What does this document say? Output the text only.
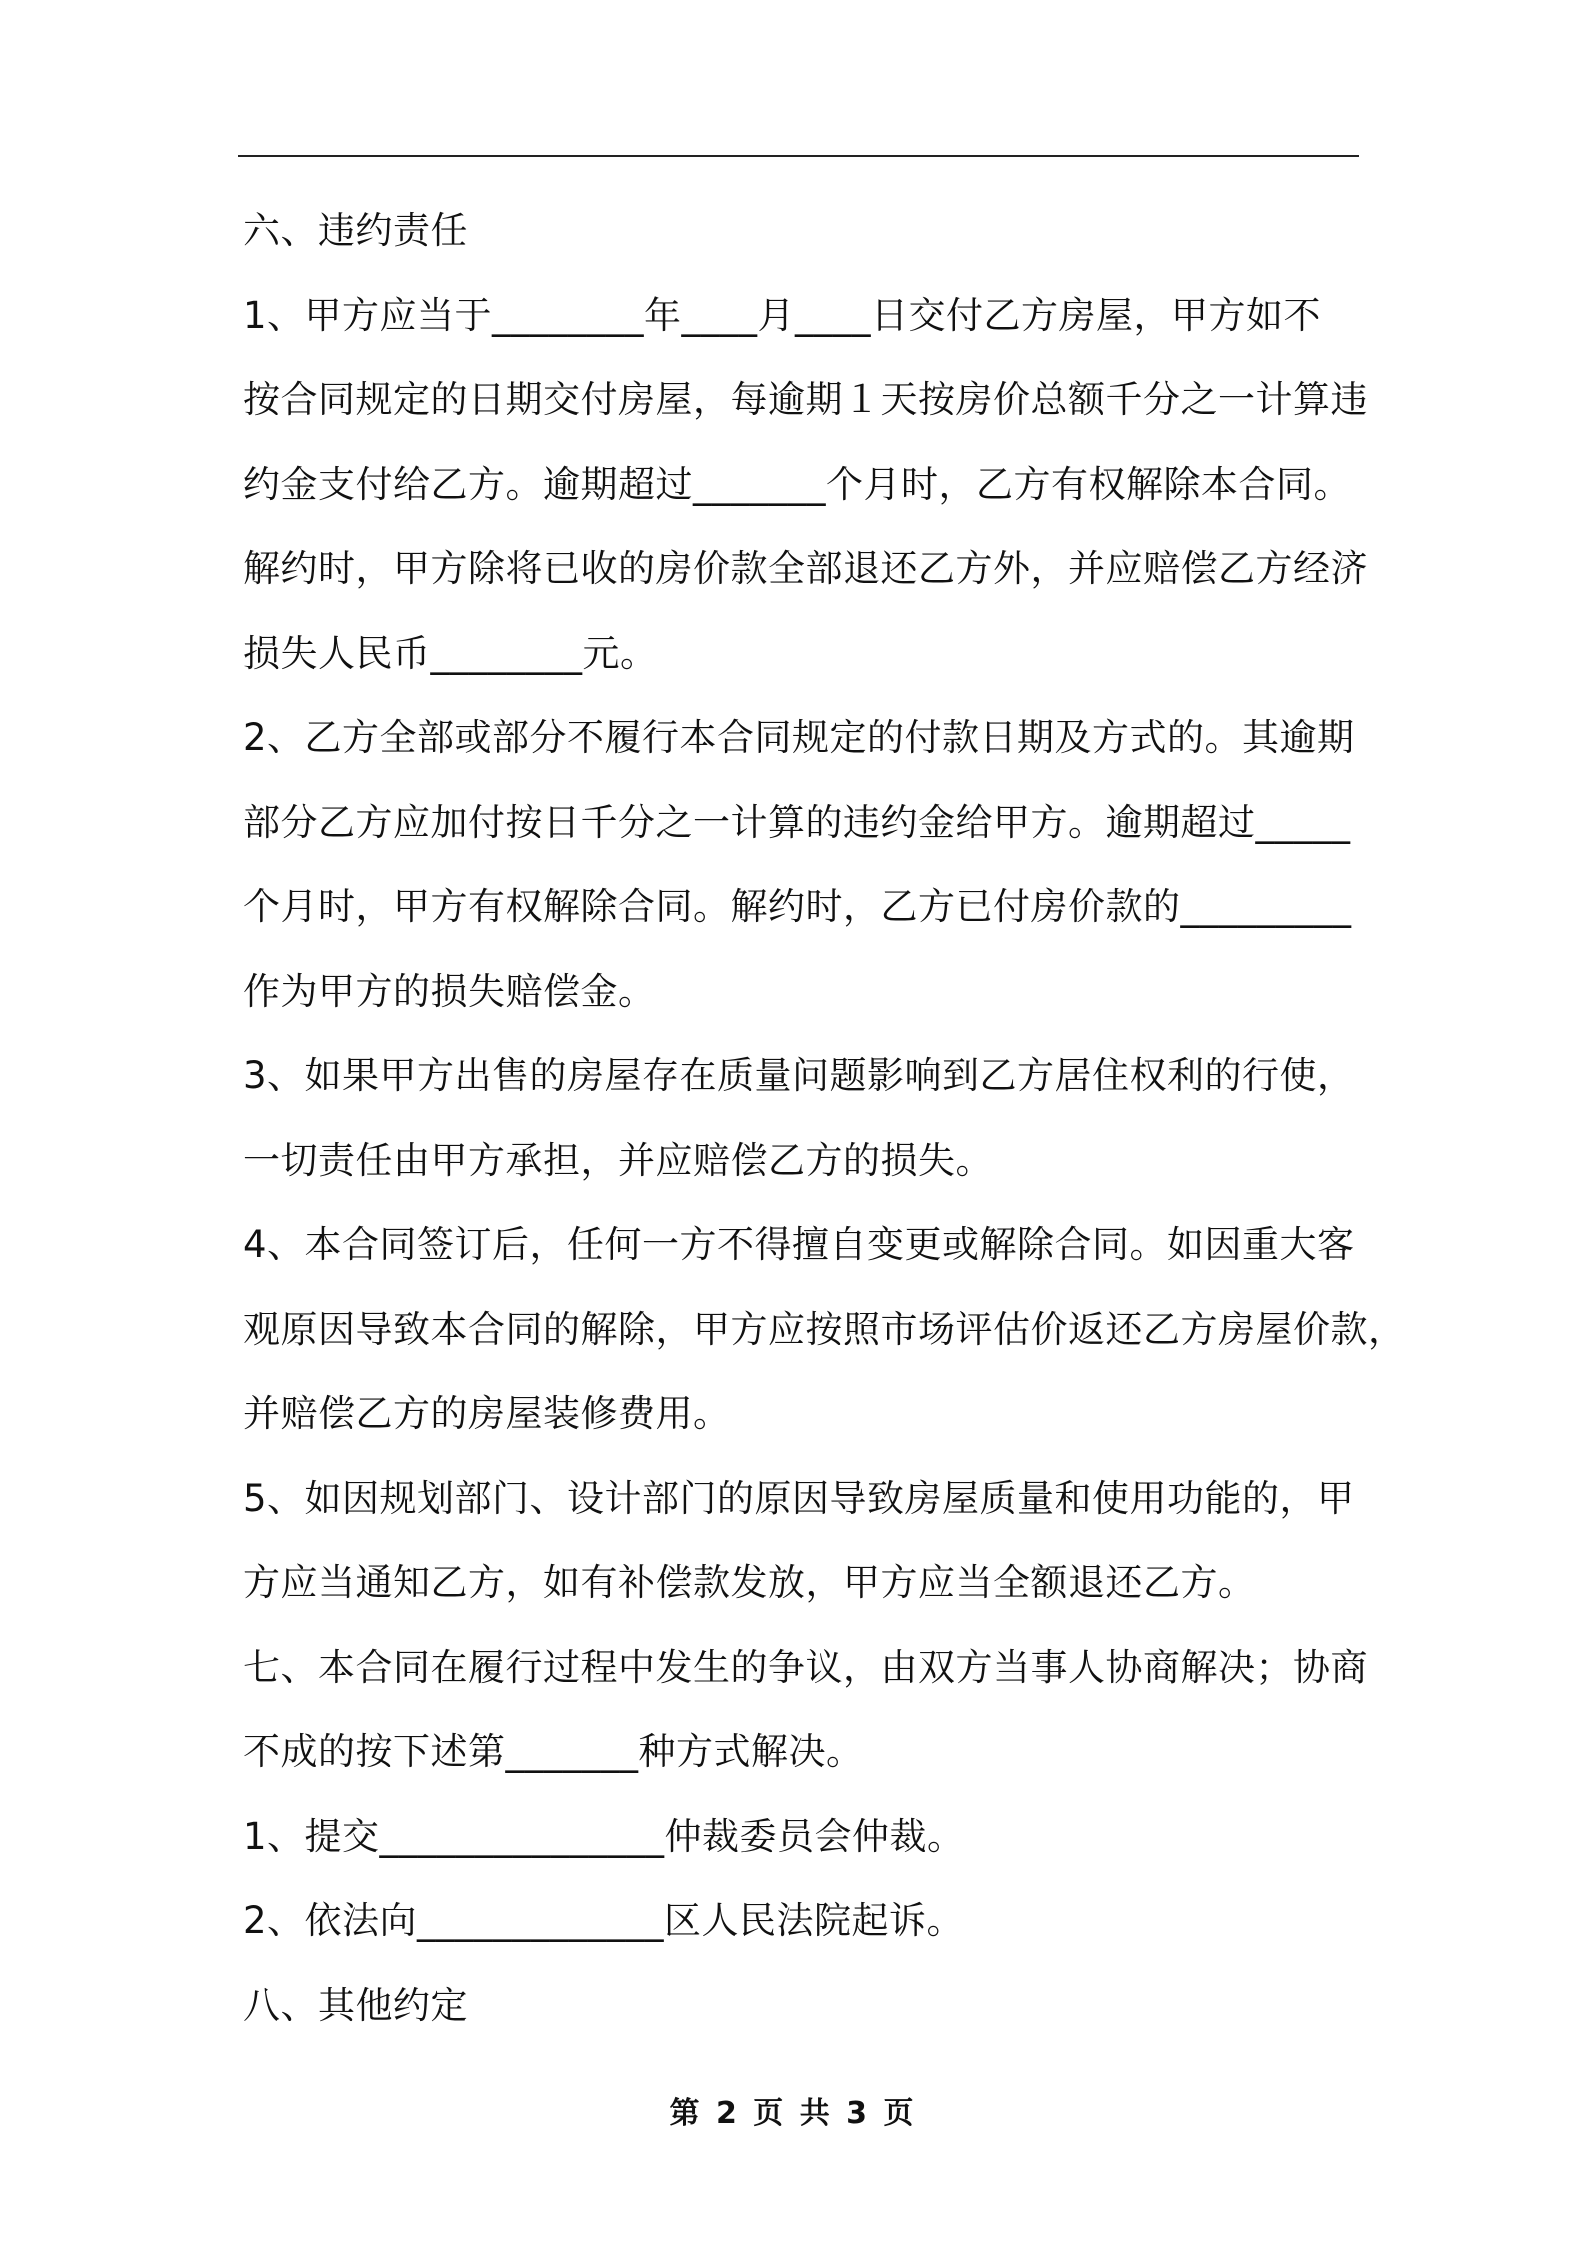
六、违约责任
1、甲方应当于________年____月____日交付乙方房屋，甲方如不
按合同规定的日期交付房屋，每逾期１天按房价总额千分之一计算违
约金支付给乙方。逾期超过_______个月时，乙方有权解除本合同。
解约时，甲方除将已收的房价款全部退还乙方外，并应赔偿乙方经济
损失人民币________元。
2、乙方全部或部分不履行本合同规定的付款日期及方式的。其逾期
部分乙方应加付按日千分之一计算的违约金给甲方。逾期超过_____
个月时，甲方有权解除合同。解约时，乙方已付房价款的_________
作为甲方的损失赔偿金。
3、如果甲方出售的房屋存在质量问题影响到乙方居住权利的行使，
一切责任由甲方承担，并应赔偿乙方的损失。
4、本合同签订后，任何一方不得擅自变更或解除合同。如因重大客
观原因导致本合同的解除，甲方应按照市场评估价返还乙方房屋价款，
并赔偿乙方的房屋装修费用。
5、如因规划部门、设计部门的原因导致房屋质量和使用功能的，甲
方应当通知乙方，如有补偿款发放，甲方应当全额退还乙方。
七、本合同在履行过程中发生的争议，由双方当事人协商解决；协商
不成的按下述第_______种方式解决。
1、提交_______________仲裁委员会仲裁。
2、依法向_____________区人民法院起诉。
八、其他约定
第 2 页 共 3 页
